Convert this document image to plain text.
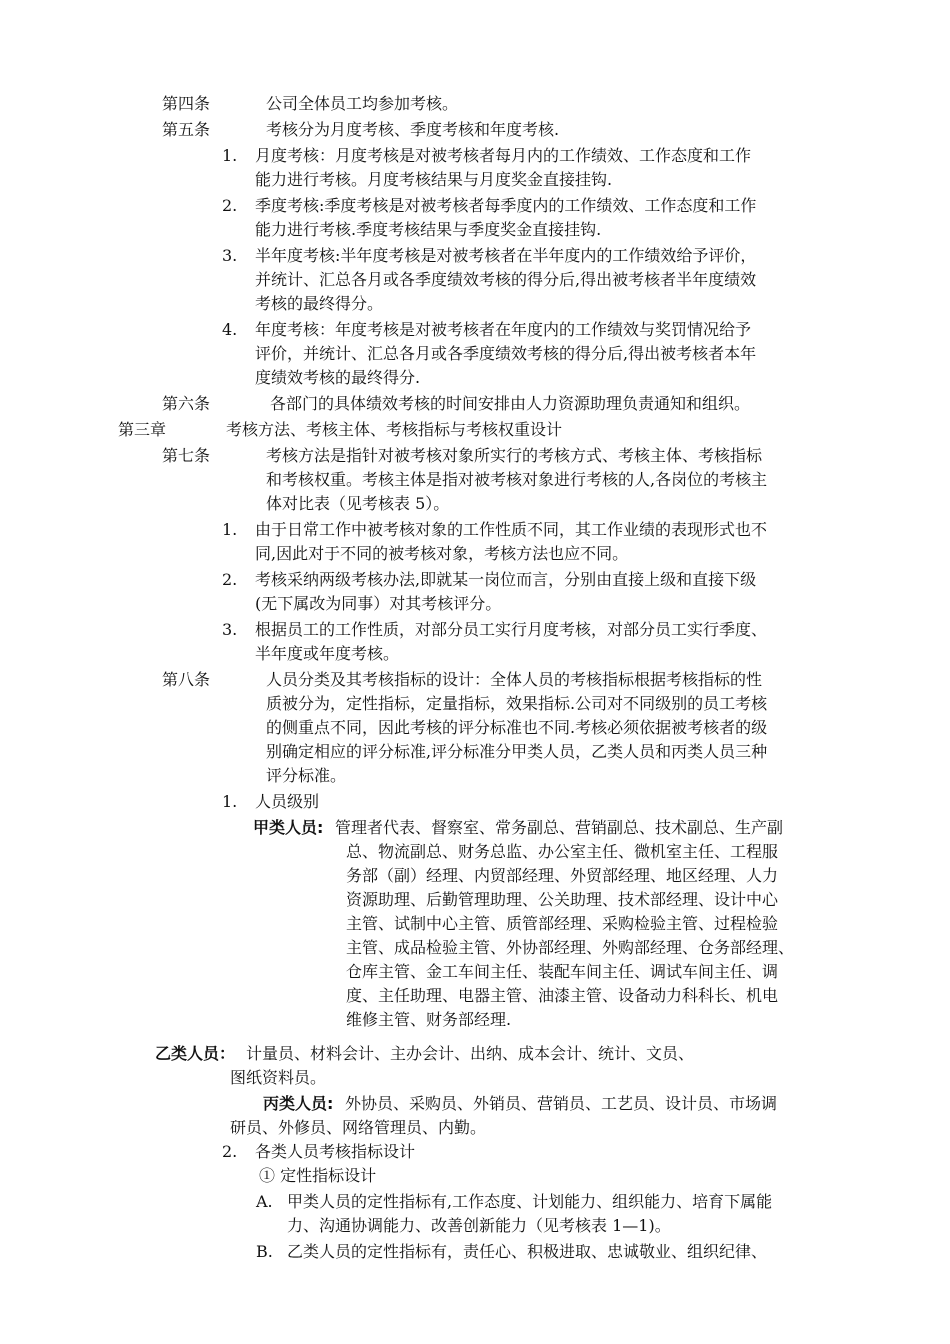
第四条	公司全体员工均参加考核。
第五条	考核分为月度考核、季度考核和年度考核.
1. 月度考核：月度考核是对被考核者每月内的工作绩效、工作态度和工作
能力进行考核。月度考核结果与月度奖金直接挂钩.
2. 季度考核:季度考核是对被考核者每季度内的工作绩效、工作态度和工作
能力进行考核.季度考核结果与季度奖金直接挂钩.
3. 半年度考核:半年度考核是对被考核者在半年度内的工作绩效给予评价，
并统计、汇总各月或各季度绩效考核的得分后,得出被考核者半年度绩效
考核的最终得分。
4. 年度考核：年度考核是对被考核者在年度内的工作绩效与奖罚情况给予
评价，并统计、汇总各月或各季度绩效考核的得分后,得出被考核者本年
度绩效考核的最终得分.
第六条	各部门的具体绩效考核的时间安排由人力资源助理负责通知和组织。
第三章	考核方法、考核主体、考核指标与考核权重设计
第七条	考核方法是指针对被考核对象所实行的考核方式、考核主体、考核指标
和考核权重。考核主体是指对被考核对象进行考核的人,各岗位的考核主
体对比表（见考核表 5）。
1. 由于日常工作中被考核对象的工作性质不同，其工作业绩的表现形式也不
同,因此对于不同的被考核对象，考核方法也应不同。
2. 考核采纳两级考核办法,即就某一岗位而言，分别由直接上级和直接下级
(无下属改为同事）对其考核评分。
3. 根据员工的工作性质，对部分员工实行月度考核，对部分员工实行季度、
半年度或年度考核。
第八条	人员分类及其考核指标的设计：全体人员的考核指标根据考核指标的性
质被分为，定性指标，定量指标，效果指标.公司对不同级别的员工考核
的侧重点不同，因此考核的评分标准也不同.考核必须依据被考核者的级
别确定相应的评分标准,评分标准分甲类人员，乙类人员和丙类人员三种
评分标准。
1. 人员级别
甲类人员: 管理者代表、督察室、常务副总、营销副总、技术副总、生产副
总、物流副总、财务总监、办公室主任、微机室主任、工程服
务部（副）经理、内贸部经理、外贸部经理、地区经理、人力
资源助理、后勤管理助理、公关助理、技术部经理、设计中心
主管、试制中心主管、质管部经理、采购检验主管、过程检验
主管、成品检验主管、外协部经理、外购部经理、仓务部经理、
仓库主管、金工车间主任、装配车间主任、调试车间主任、调
度、主任助理、电器主管、油漆主管、设备动力科科长、机电
维修主管、财务部经理.
乙类人员： 计量员、材料会计、主办会计、出纳、成本会计、统计、文员、
图纸资料员。
丙类人员: 外协员、采购员、外销员、营销员、工艺员、设计员、市场调
研员、外修员、网络管理员、内勤。
2. 各类人员考核指标设计
① 定性指标设计
A. 甲类人员的定性指标有,工作态度、计划能力、组织能力、培育下属能
力、沟通协调能力、改善创新能力（见考核表 1—1)。
B. 乙类人员的定性指标有，责任心、积极进取、忠诚敬业、组织纪律、
